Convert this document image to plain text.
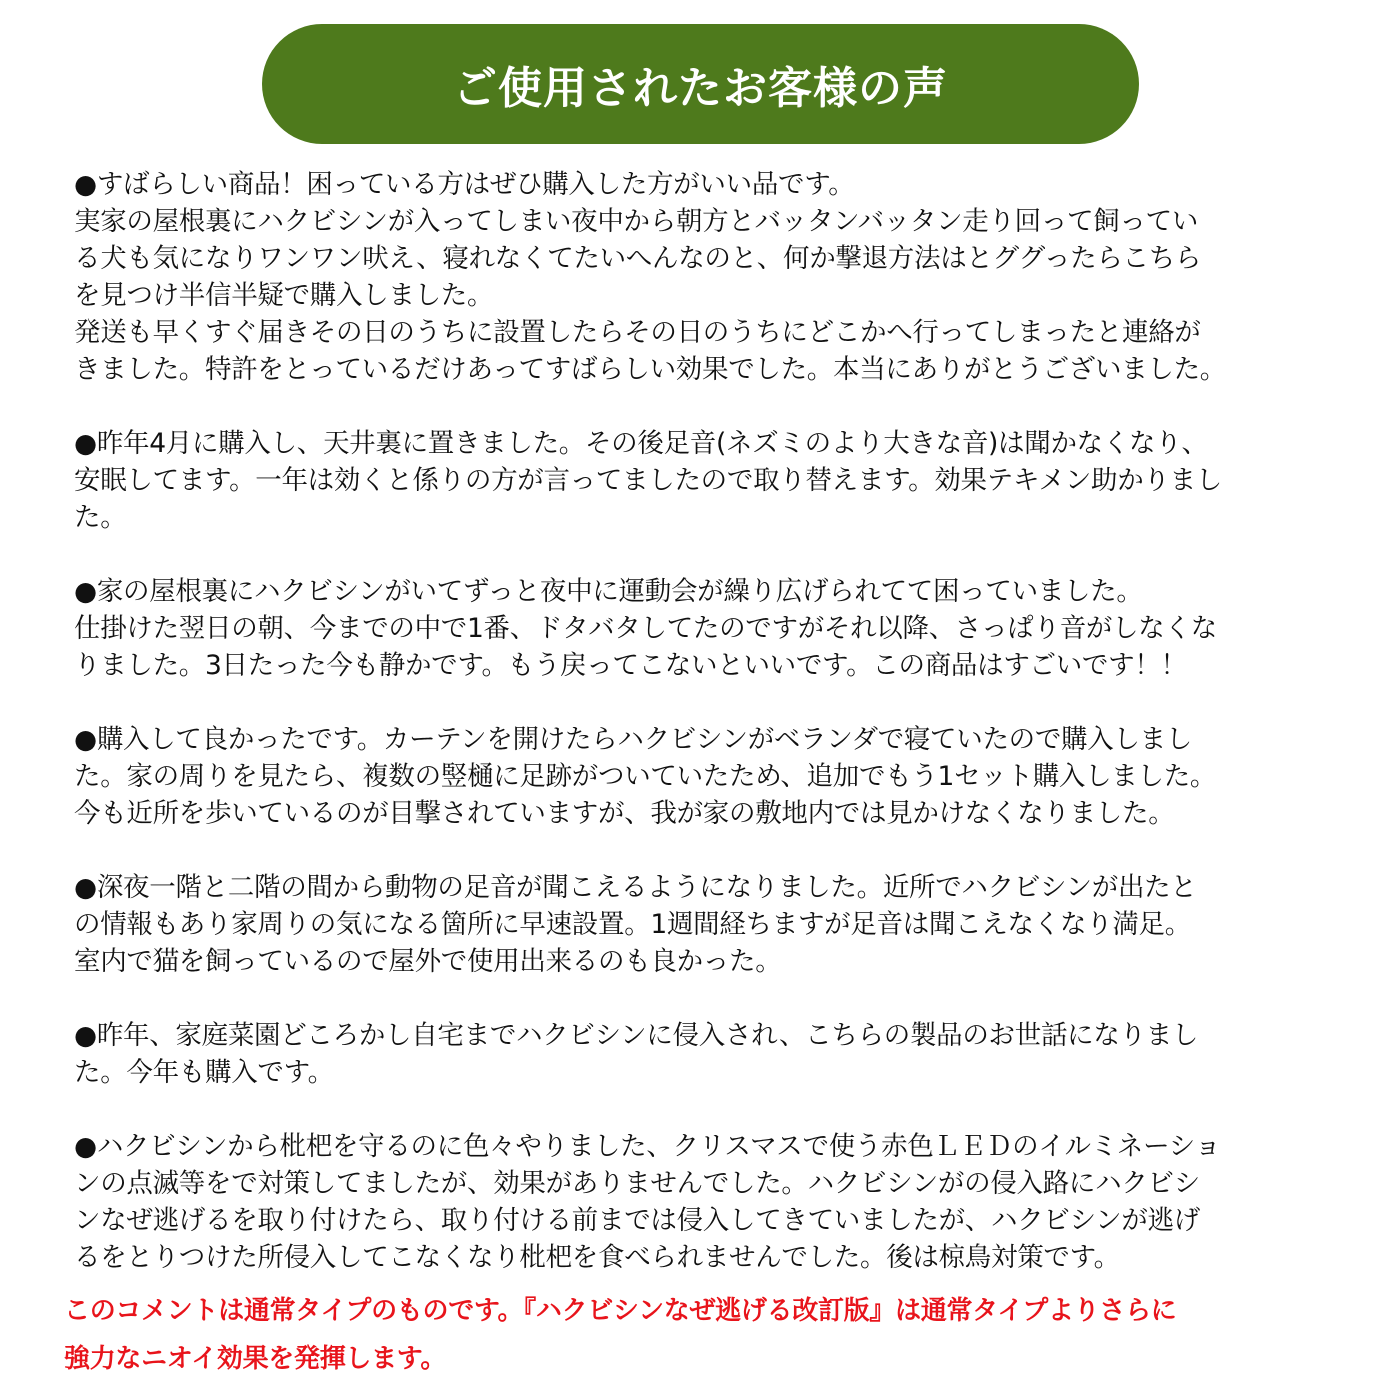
ご使用されたお客様の声

●すばらしい商品！困っている方はぜひ購入した方がいい品です。

実家の屋根裏にハクビシンが入ってしまい夜中から朝方とバッタンバッタン走り回って飼ってい

る犬も気になりワンワン吠え、寝れなくてたいへんなのと、何か撃退方法はとググったらこちら

を見つけ半信半疑で購入しました。

発送も早くすぐ届きその日のうちに設置したらその日のうちにどこかへ行ってしまったと連絡が

きました。特許をとっているだけあってすばらしい効果でした。本当にありがとうございました。

●昨年4月に購入し、天井裏に置きました。その後足音(ネズミのより大きな音)は聞かなくなり、

安眠してます。一年は効くと係りの方が言ってましたので取り替えます。効果テキメン助かりまし

た。

●家の屋根裏にハクビシンがいてずっと夜中に運動会が繰り広げられてて困っていました。

仕掛けた翌日の朝、今までの中で1番、ドタバタしてたのですがそれ以降、さっぱり音がしなくな

りました。3日たった今も静かです。もう戻ってこないといいです。この商品はすごいです！！

●購入して良かったです。カーテンを開けたらハクビシンがベランダで寝ていたので購入しまし

た。家の周りを見たら、複数の竪樋に足跡がついていたため、追加でもう1セット購入しました。

今も近所を歩いているのが目撃されていますが、我が家の敷地内では見かけなくなりました。

●深夜一階と二階の間から動物の足音が聞こえるようになりました。近所でハクビシンが出たと

の情報もあり家周りの気になる箇所に早速設置。1週間経ちますが足音は聞こえなくなり満足。

室内で猫を飼っているので屋外で使用出来るのも良かった。

●昨年、家庭菜園どころかし自宅までハクビシンに侵入され、こちらの製品のお世話になりまし

た。今年も購入です。

●ハクビシンから枇杷を守るのに色々やりました、クリスマスで使う赤色ＬＥＤのイルミネーショ

ンの点滅等をで対策してましたが、効果がありませんでした。ハクビシンがの侵入路にハクビシ

ンなぜ逃げるを取り付けたら、取り付ける前までは侵入してきていましたが、ハクビシンが逃げ

るをとりつけた所侵入してこなくなり枇杷を食べられませんでした。後は椋鳥対策です。

このコメントは通常タイプのものです。『ハクビシンなぜ逃げる改訂版』は通常タイプよりさらに

強力なニオイ効果を発揮します。
